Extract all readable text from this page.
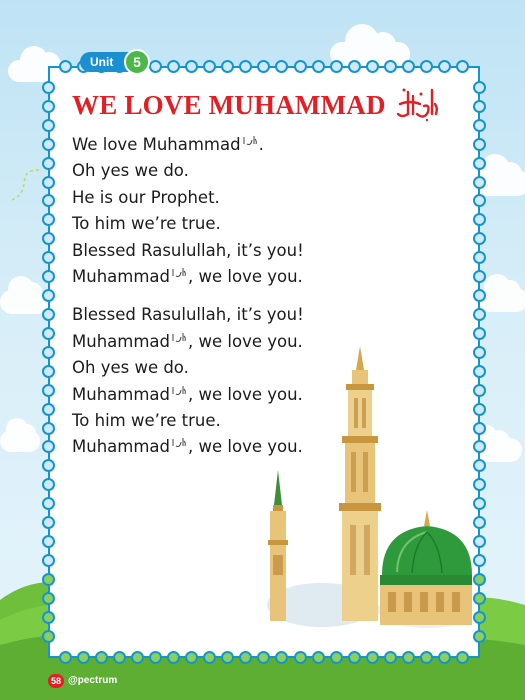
Unit	5
WE LOVE MUHAMMAD
We love Muhammad .
Oh yes we do.
He is our Prophet.
To him we’re true.
Blessed Rasulullah, it’s you!
Muhammad , we love you.
Blessed Rasulullah, it’s you!
Muhammad , we love you.
Oh yes we do.
Muhammad , we love you.
To him we’re true.
Muhammad , we love you.
58 @pectrum
